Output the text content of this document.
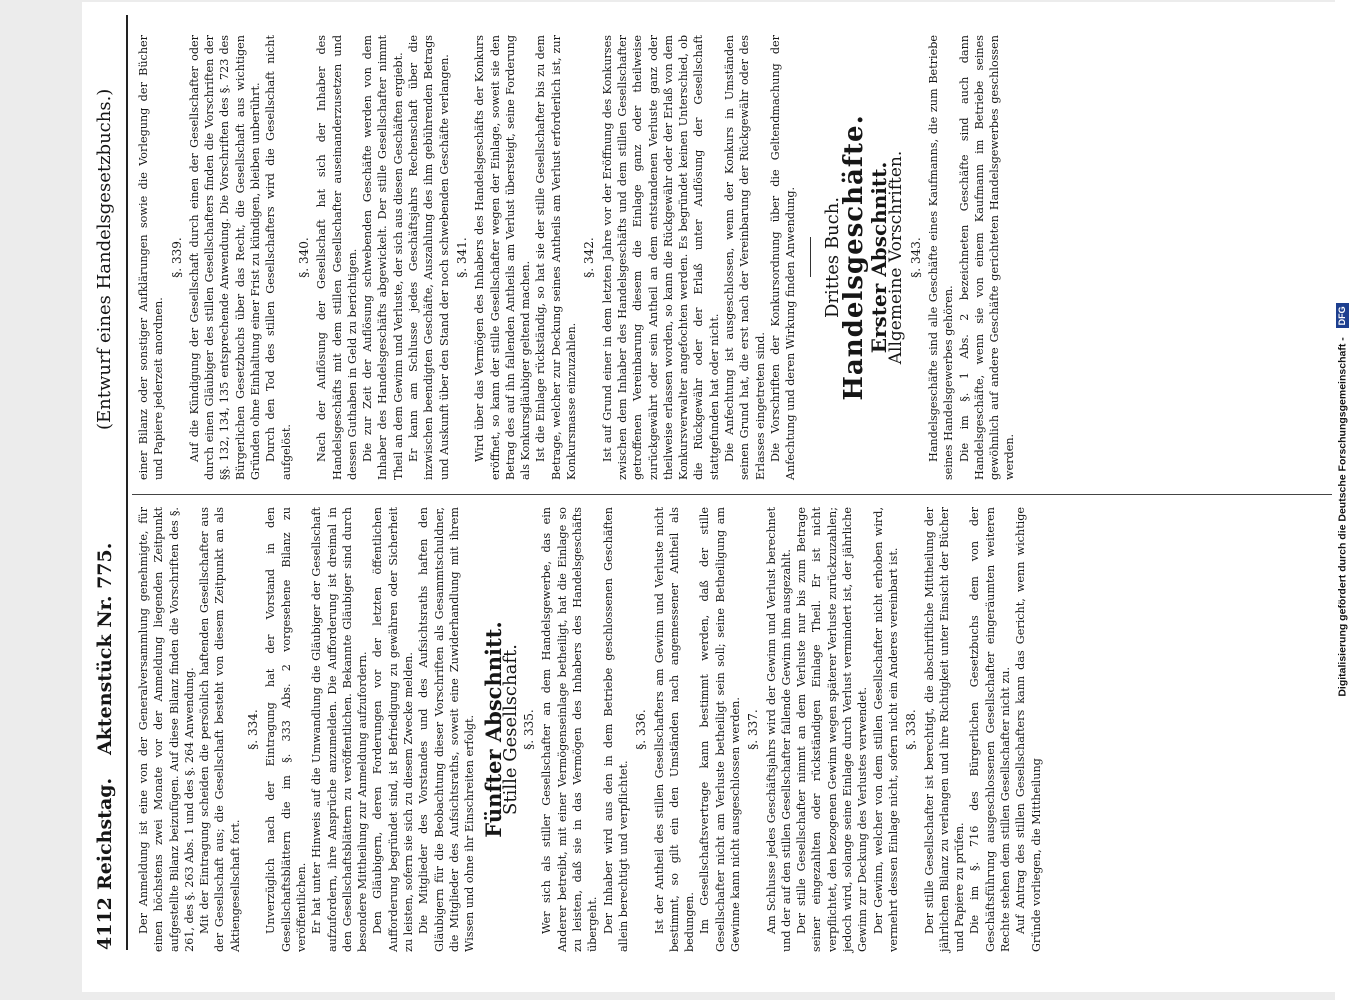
4112
Reichstag.
Aktenstück Nr. 775.
(Entwurf eines Handelsgesetzbuchs.)

Der Anmeldung ist eine von der Generalversammlung genehmigte, für einen höchstens zwei Monate vor der Anmeldung liegenden Zeitpunkt aufgestellte Bilanz beizufügen. Auf diese Bilanz finden die Vorschriften des §. 261, des §. 263 Abs. 1 und des §. 264 Anwendung. Mit der Eintragung scheiden die persönlich haftenden Gesellschafter aus der Gesellschaft aus; die Gesellschaft besteht von diesem Zeitpunkt an als Aktiengesellschaft fort.

§. 334. Unverzüglich nach der Eintragung hat der Vorstand in den Gesellschaftsblättern die im §. 333 Abs. 2 vorgesehene Bilanz zu veröffentlichen. Er hat unter Hinweis auf die Umwandlung die Gläubiger der Gesellschaft aufzufordern, ihre Ansprüche anzumelden. Die Aufforderung ist dreimal in den Gesellschaftsblättern zu veröffentlichen. Bekannte Gläubiger sind durch besondere Mittheilung zur Anmeldung aufzufordern. Den Gläubigern, deren Forderungen vor der letzten öffentlichen Aufforderung begründet sind, ist Befriedigung zu gewähren oder Sicherheit zu leisten, sofern sie sich zu diesem Zwecke melden. Die Mitglieder des Vorstandes und des Aufsichtsraths haften den Gläubigern für die Beobachtung dieser Vorschriften als Gesammtschuldner, die Mitglieder des Aufsichtsraths, soweit eine Zuwiderhandlung mit ihrem Wissen und ohne ihr Einschreiten erfolgt. Fünfter Abschnitt.

Stille Gesellschaft. §. 335. Wer sich als stiller Gesellschafter an dem Handelsgewerbe, das ein Anderer betreibt, mit einer Vermögenseinlage betheiligt, hat die Einlage so zu leisten, daß sie in das Vermögen des Inhabers des Handelsgeschäfts übergeht. Der Inhaber wird aus den in dem Betriebe geschlossenen Geschäften allein berechtigt und verpflichtet.

§. 336. Ist der Antheil des stillen Gesellschafters am Gewinn und Verluste nicht bestimmt, so gilt ein den Umständen nach angemessener Antheil als bedungen. Im Gesellschaftsvertrage kann bestimmt werden, daß der stille Gesellschafter nicht am Verluste betheiligt sein soll; seine Betheiligung am Gewinne kann nicht ausgeschlossen werden. §. 337. Am Schlusse jedes Geschäftsjahrs wird der Gewinn und Verlust berechnet und der auf den stillen Gesellschafter fallende Gewinn ihm ausgezahlt. Der stille Gesellschafter nimmt an dem Verluste nur bis zum Betrage seiner eingezahlten oder rückständigen Einlage Theil. Er ist nicht verpflichtet, den bezogenen Gewinn wegen späterer Verluste zurückzuzahlen; jedoch wird, solange seine Einlage durch Verlust vermindert ist, der jährliche Gewinn zur Deckung des Verlustes verwendet. Der Gewinn, welcher von dem stillen Gesellschafter nicht erhoben wird, vermehrt dessen Einlage nicht, sofern nicht ein Anderes vereinbart ist. §. 338. Der stille Gesellschafter ist berechtigt, die abschriftliche Mittheilung der jährlichen Bilanz zu verlangen und ihre Richtigkeit unter Einsicht der Bücher und Papiere zu prüfen. Die im §. 716 des Bürgerlichen Gesetzbuchs dem von der Geschäftsführung ausgeschlossenen Gesellschafter eingeräumten weiteren Rechte stehen dem stillen Gesellschafter nicht zu. Auf Antrag des stillen Gesellschafters kann das Gericht, wenn wichtige Gründe vorliegen, die Mittheilung

einer Bilanz oder sonstiger Aufklärungen sowie die Vorlegung der Bücher und Papiere jederzeit anordnen.

§. 339. Auf die Kündigung der Gesellschaft durch einen der Gesellschafter oder durch einen Gläubiger des stillen Gesellschafters finden die Vorschriften der §§. 132, 134, 135 entsprechende Anwendung. Die Vorschriften des §. 723 des Bürgerlichen Gesetzbuchs über das Recht, die Gesellschaft aus wichtigen Gründen ohne Einhaltung einer Frist zu kündigen, bleiben unberührt. Durch den Tod des stillen Gesellschafters wird die Gesellschaft nicht aufgelöst.

§. 340. Nach der Auflösung der Gesellschaft hat sich der Inhaber des Handelsgeschäfts mit dem stillen Gesellschafter auseinanderzusetzen und dessen Guthaben in Geld zu berichtigen. Die zur Zeit der Auflösung schwebenden Geschäfte werden von dem Inhaber des Handelsgeschäfts abgewickelt. Der stille Gesellschafter nimmt Theil an dem Gewinn und Verluste, der sich aus diesen Geschäften ergiebt. Er kann am Schlusse jedes Geschäftsjahrs Rechenschaft über die inzwischen beendigten Geschäfte, Auszahlung des ihm gebührenden Betrags und Auskunft über den Stand der noch schwebenden Geschäfte verlangen. §. 341. Wird über das Vermögen des Inhabers des Handelsgeschäfts der Konkurs eröffnet, so kann der stille Gesellschafter wegen der Einlage, soweit sie den Betrag des auf ihn fallenden Antheils am Verlust übersteigt, seine Forderung als Konkursgläubiger geltend machen. Ist die Einlage rückständig, so hat sie der stille Gesellschafter bis zu dem Betrage, welcher zur Deckung seines Antheils am Verlust erforderlich ist, zur Konkursmasse einzuzahlen.

§. 342. Ist auf Grund einer in dem letzten Jahre vor der Eröffnung des Konkurses zwischen dem Inhaber des Handelsgeschäfts und dem stillen Gesellschafter getroffenen Vereinbarung diesem die Einlage ganz oder theilweise zurückgewährt oder sein Antheil an dem entstandenen Verluste ganz oder theilweise erlassen worden, so kann die Rückgewähr oder der Erlaß von dem Konkursverwalter angefochten werden. Es begründet keinen Unterschied, ob die Rückgewähr oder der Erlaß unter Auflösung der Gesellschaft stattgefunden hat oder nicht. Die Anfechtung ist ausgeschlossen, wenn der Konkurs in Umständen seinen Grund hat, die erst nach der Vereinbarung der Rückgewähr oder des Erlasses eingetreten sind. Die Vorschriften der Konkursordnung über die Geltendmachung der Anfechtung und deren Wirkung finden Anwendung. Drittes Buch.

Handelsgeschäfte.

Erster Abschnitt.

Allgemeine Vorschriften. §. 343. Handelsgeschäfte sind alle Geschäfte eines Kaufmanns, die zum Betriebe seines Handelsgewerbes gehören. Die im §. 1 Abs. 2 bezeichneten Geschäfte sind auch dann Handelsgeschäfte, wenn sie von einem Kaufmann im Betriebe seines gewöhnlich auf andere Geschäfte gerichteten Handelsgewerbes geschlossen werden.	Digitalisierung gefördert durch die Deutsche Forschungsgemeinschaft - DFG
